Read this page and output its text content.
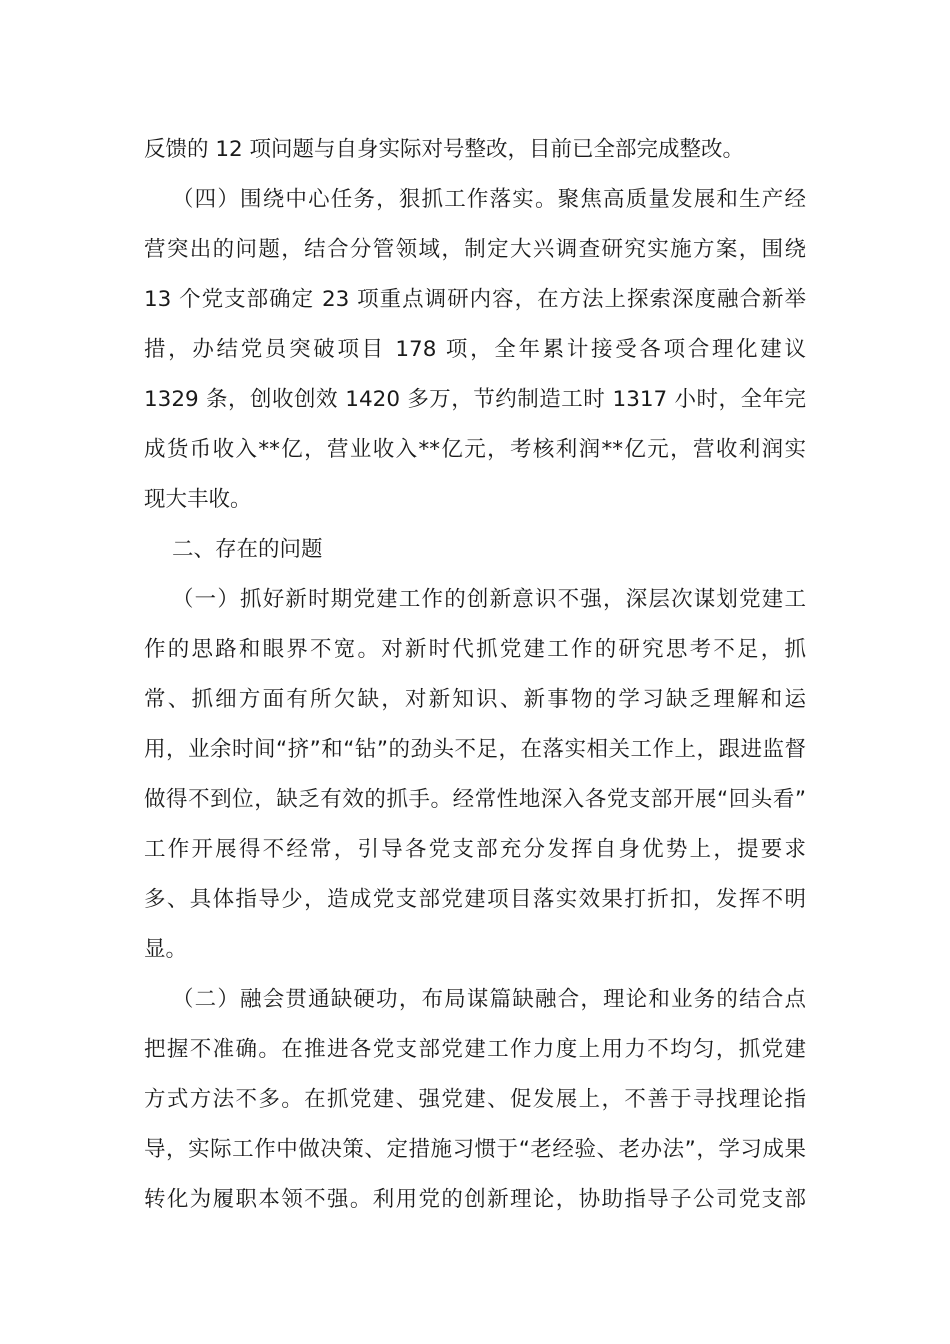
反馈的 12 项问题与自身实际对号整改，目前已全部完成整改。
（四）围绕中心任务，狠抓工作落实。聚焦高质量发展和生产经
营突出的问题，结合分管领域，制定大兴调查研究实施方案，围绕
13 个党支部确定 23 项重点调研内容，在方法上探索深度融合新举
措，办结党员突破项目 178 项，全年累计接受各项合理化建议
1329 条，创收创效 1420 多万，节约制造工时 1317 小时，全年完
成货币收入**亿，营业收入**亿元，考核利润**亿元，营收利润实
现大丰收。
二、存在的问题
（一）抓好新时期党建工作的创新意识不强，深层次谋划党建工
作的思路和眼界不宽。对新时代抓党建工作的研究思考不足，抓
常、抓细方面有所欠缺，对新知识、新事物的学习缺乏理解和运
用，业余时间“挤”和“钻”的劲头不足，在落实相关工作上，跟进监督
做得不到位，缺乏有效的抓手。经常性地深入各党支部开展“回头看”
工作开展得不经常，引导各党支部充分发挥自身优势上，提要求
多、具体指导少，造成党支部党建项目落实效果打折扣，发挥不明
显。
（二）融会贯通缺硬功，布局谋篇缺融合，理论和业务的结合点
把握不准确。在推进各党支部党建工作力度上用力不均匀，抓党建
方式方法不多。在抓党建、强党建、促发展上，不善于寻找理论指
导，实际工作中做决策、定措施习惯于“老经验、老办法”，学习成果
转化为履职本领不强。利用党的创新理论，协助指导子公司党支部
